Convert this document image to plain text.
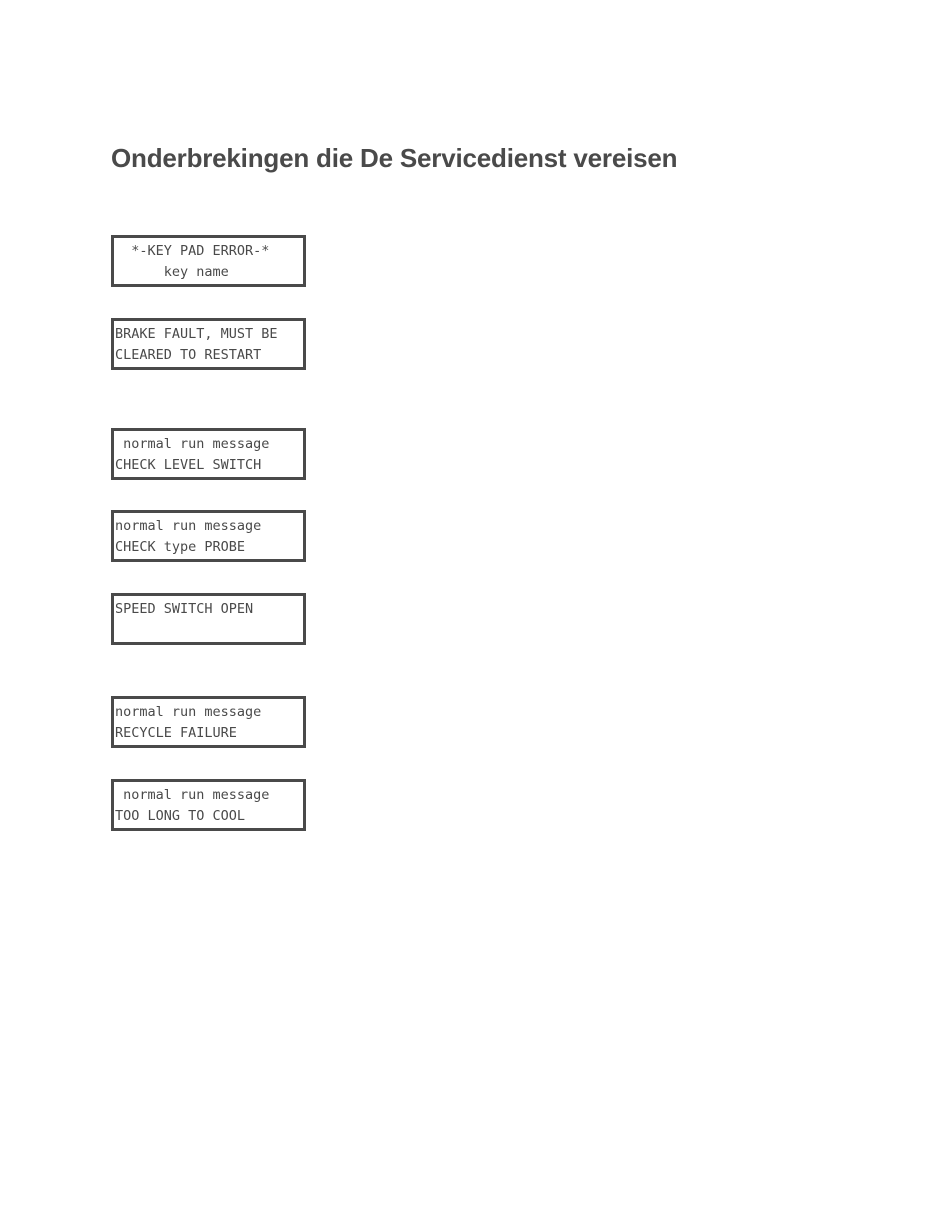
Onderbrekingen die De Servicedienst vereisen
*-KEY PAD ERROR-*
key name
BRAKE FAULT, MUST BE
CLEARED TO RESTART
normal run message
CHECK LEVEL SWITCH
normal run message
CHECK type PROBE
SPEED SWITCH OPEN
normal run message
RECYCLE FAILURE
normal run message
TOO LONG TO COOL
